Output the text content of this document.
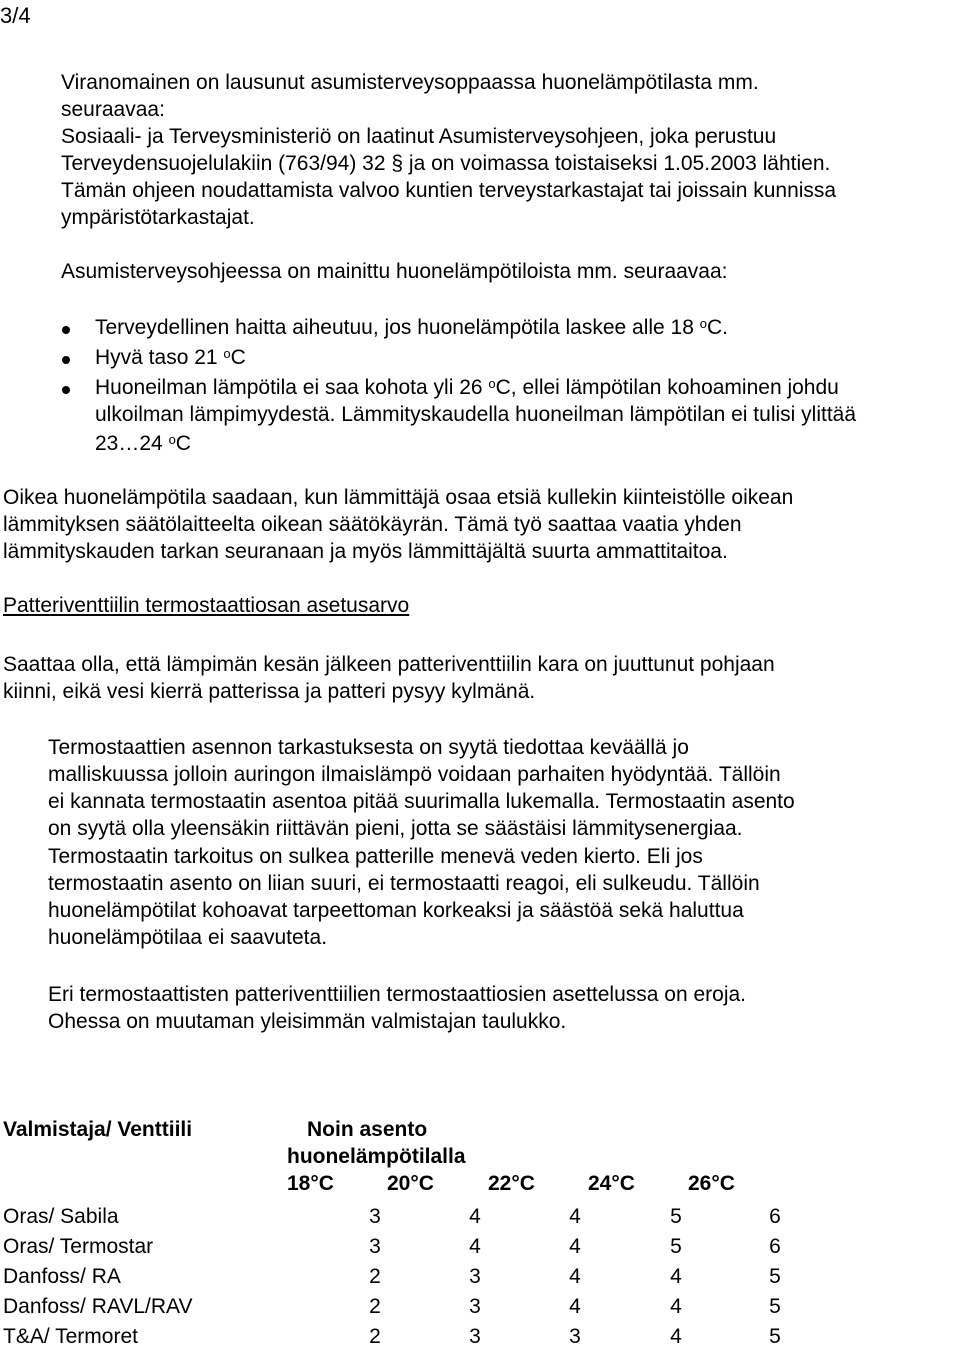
3/4
Viranomainen on lausunut asumisterveysoppaassa huonelämpötilasta mm.
seuraavaa:
Sosiaali- ja Terveysministeriö on laatinut Asumisterveysohjeen, joka perustuu
Terveydensuojelulakiin (763/94) 32 § ja on voimassa toistaiseksi 1.05.2003 lähtien.
Tämän ohjeen noudattamista valvoo kuntien terveystarkastajat tai joissain kunnissa
ympäristötarkastajat.
Asumisterveysohjeessa on mainittu huonelämpötiloista mm. seuraavaa:
Terveydellinen haitta aiheutuu, jos huonelämpötila laskee alle 18 $^o$C.
Hyvä taso 21 $^o$C
Huoneilman lämpötila ei saa kohota yli 26 $^o$C, ellei lämpötilan kohoaminen johdu
ulkoilman lämpimyydestä. Lämmityskaudella huoneilman lämpötilan ei tulisi ylittää
23…24 $^o$C
Oikea huonelämpötila saadaan, kun lämmittäjä osaa etsiä kullekin kiinteistölle oikean
lämmityksen säätölaitteelta oikean säätökäyrän. Tämä työ saattaa vaatia yhden
lämmityskauden tarkan seuranaan ja myös lämmittäjältä suurta ammattitaitoa.
Patteriventtiilin termostaattiosan asetusarvo
Saattaa olla, että lämpimän kesän jälkeen patteriventtiilin kara on juuttunut pohjaan
kiinni, eikä vesi kierrä patterissa ja patteri pysyy kylmänä.
Termostaattien asennon tarkastuksesta on syytä tiedottaa keväällä jo
malliskuussa jolloin auringon ilmaislämpö voidaan parhaiten hyödyntää. Tällöin
ei kannata termostaatin asentoa pitää suurimalla lukemalla. Termostaatin asento
on syytä olla yleensäkin riittävän pieni, jotta se säästäisi lämmitysenergiaa.
Termostaatin tarkoitus on sulkea patterille menevä veden kierto. Eli jos
termostaatin asento on liian suuri, ei termostaatti reagoi, eli sulkeudu. Tällöin
huonelämpötilat kohoavat tarpeettoman korkeaksi ja säästöä sekä haluttua
huonelämpötilaa ei saavuteta.
Eri termostaattisten patteriventtiilien termostaattiosien asettelussa on eroja.
Ohessa on muutaman yleisimmän valmistajan taulukko.
Valmistaja/ Venttiili	Noin asento
huonelämpötilalla
18°C	20°C	22°C	24°C	26°C
Oras/ Sabila	3	4	4	5	6
Oras/ Termostar	3	4	4	5	6
Danfoss/ RA	2	3	4	4	5
Danfoss/ RAVL/RAV	2	3	4	4	5
T&A/ Termoret	2	3	3	4	5
